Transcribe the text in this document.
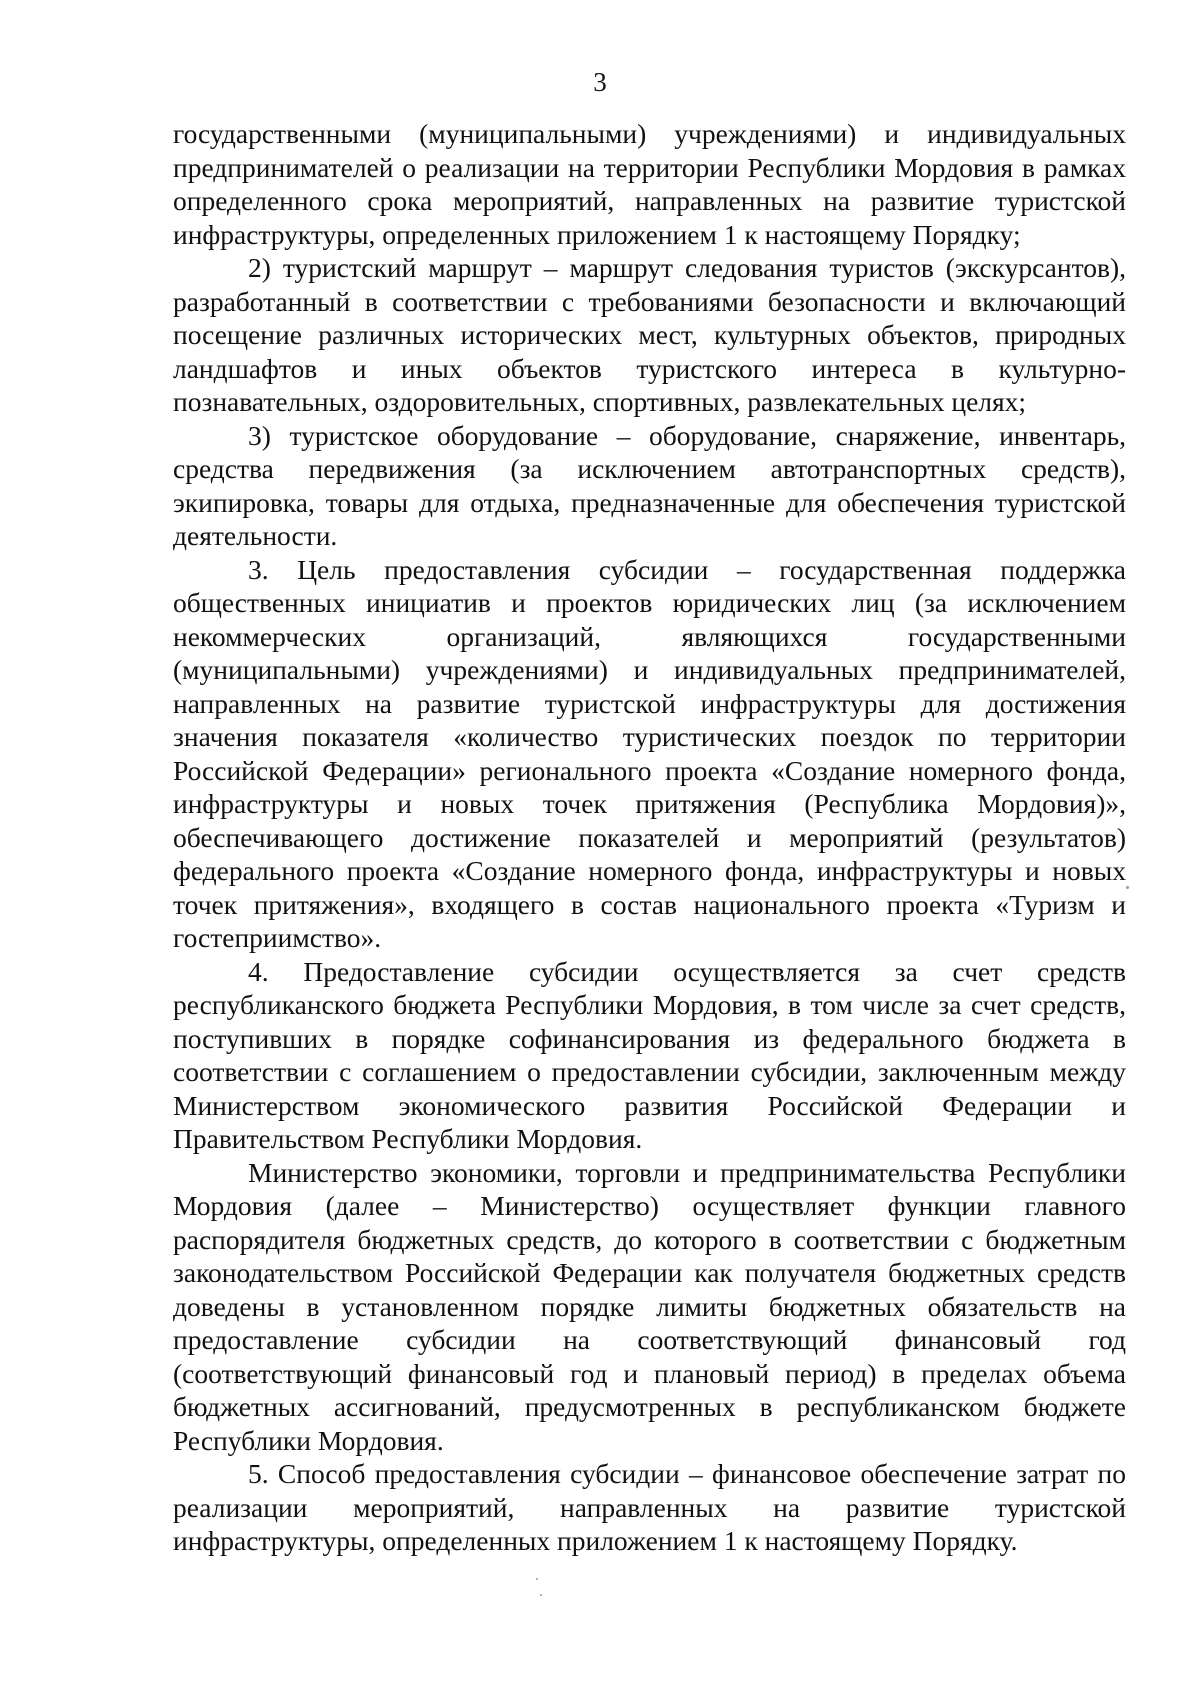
3

государственными (муниципальными) учреждениями) и индивидуальных предпринимателей о реализации на территории Республики Мордовия в рамках определенного срока мероприятий, направленных на развитие туристской инфраструктуры, определенных приложением 1 к настоящему Порядку;

2) туристский маршрут – маршрут следования туристов (экскурсантов), разработанный в соответствии с требованиями безопасности и включающий посещение различных исторических мест, культурных объектов, природных ландшафтов и иных объектов туристского интереса в культурно-познавательных, оздоровительных, спортивных, развлекательных целях;

3) туристское оборудование – оборудование, снаряжение, инвентарь, средства передвижения (за исключением автотранспортных средств), экипировка, товары для отдыха, предназначенные для обеспечения туристской деятельности.

3. Цель предоставления субсидии – государственная поддержка общественных инициатив и проектов юридических лиц (за исключением некоммерческих организаций, являющихся государственными (муниципальными) учреждениями) и индивидуальных предпринимателей, направленных на развитие туристской инфраструктуры для достижения значения показателя «количество туристических поездок по территории Российской Федерации» регионального проекта «Создание номерного фонда, инфраструктуры и новых точек притяжения (Республика Мордовия)», обеспечивающего достижение показателей и мероприятий (результатов) федерального проекта «Создание номерного фонда, инфраструктуры и новых точек притяжения», входящего в состав национального проекта «Туризм и гостеприимство».

4. Предоставление субсидии осуществляется за счет средств республиканского бюджета Республики Мордовия, в том числе за счет средств, поступивших в порядке софинансирования из федерального бюджета в соответствии с соглашением о предоставлении субсидии, заключенным между Министерством экономического развития Российской Федерации и Правительством Республики Мордовия.

Министерство экономики, торговли и предпринимательства Республики Мордовия (далее – Министерство) осуществляет функции главного распорядителя бюджетных средств, до которого в соответствии с бюджетным законодательством Российской Федерации как получателя бюджетных средств доведены в установленном порядке лимиты бюджетных обязательств на предоставление субсидии на соответствующий финансовый год (соответствующий финансовый год и плановый период) в пределах объема бюджетных ассигнований, предусмотренных в республиканском бюджете Республики Мордовия.

5. Способ предоставления субсидии – финансовое обеспечение затрат по реализации мероприятий, направленных на развитие туристской инфраструктуры, определенных приложением 1 к настоящему Порядку.
